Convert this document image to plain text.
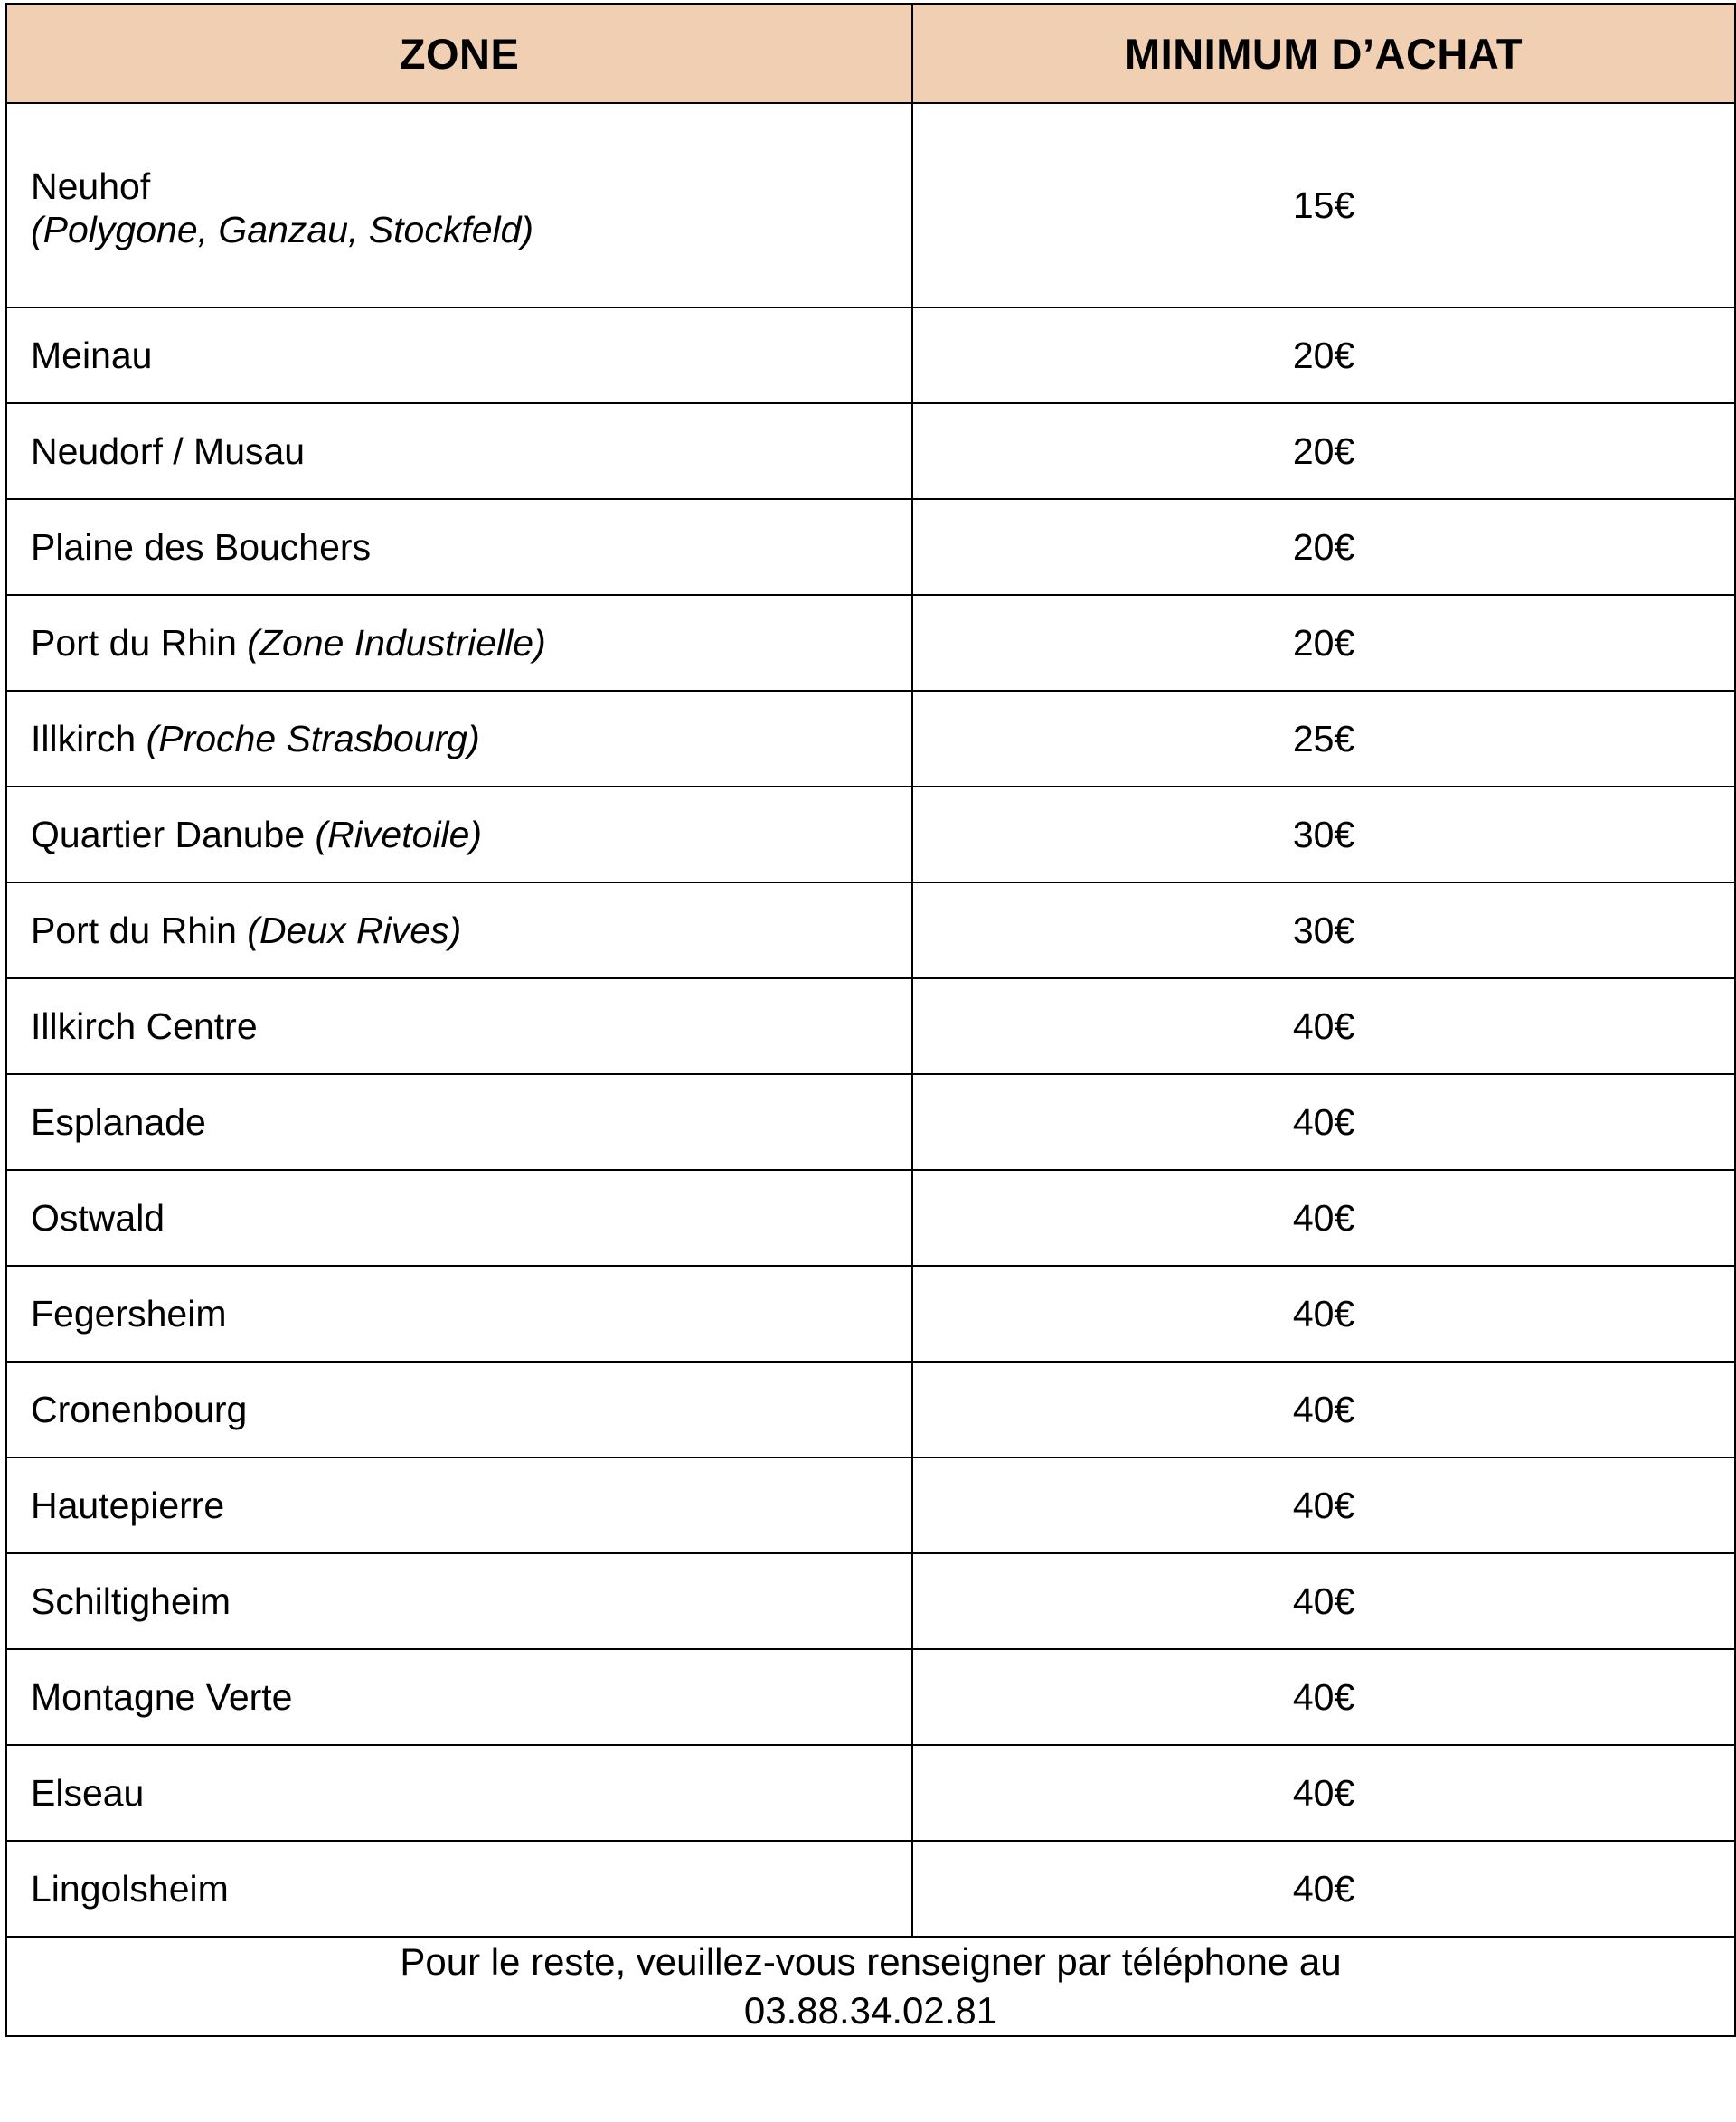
ZONE	MINIMUM D’ACHAT

Neuhof
(Polygone, Ganzau, Stockfeld)	15€
Meinau	20€
Neudorf / Musau	20€
Plaine des Bouchers	20€
Port du Rhin (Zone Industrielle)	20€
Illkirch (Proche Strasbourg)	25€
Quartier Danube (Rivetoile)	30€
Port du Rhin (Deux Rives)	30€
Illkirch Centre	40€
Esplanade	40€
Ostwald	40€
Fegersheim	40€
Cronenbourg	40€
Hautepierre	40€
Schiltigheim	40€
Montagne Verte	40€
Elseau	40€
Lingolsheim	40€
Pour le reste, veuillez-vous renseigner par téléphone au
03.88.34.02.81	
